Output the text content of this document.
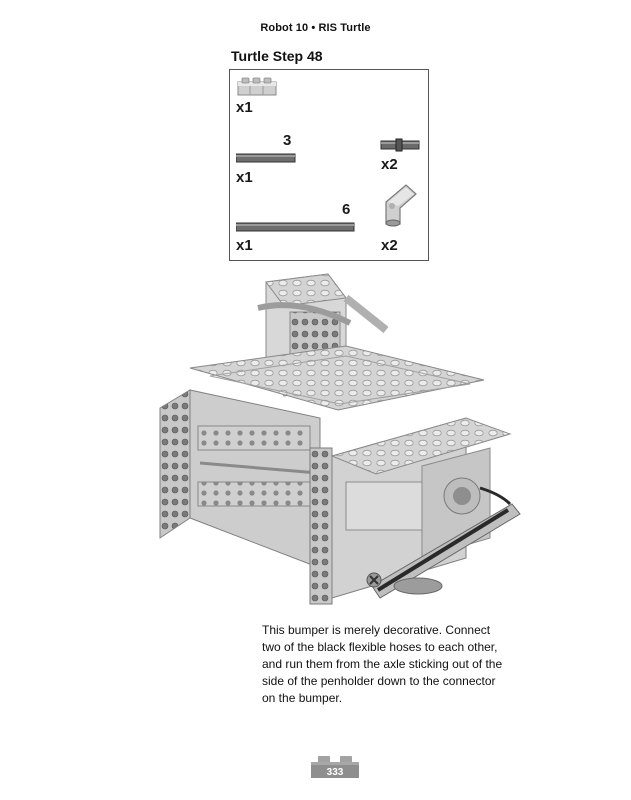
Robot 10 • RIS Turtle
Turtle Step 48
x1
3
x1
x2
6
x1	x2

This bumper is merely decorative. Connect two of the black flexible hoses to each other, and run them from the axle sticking out of the side of the penholder down to the connector on the bumper.

333
